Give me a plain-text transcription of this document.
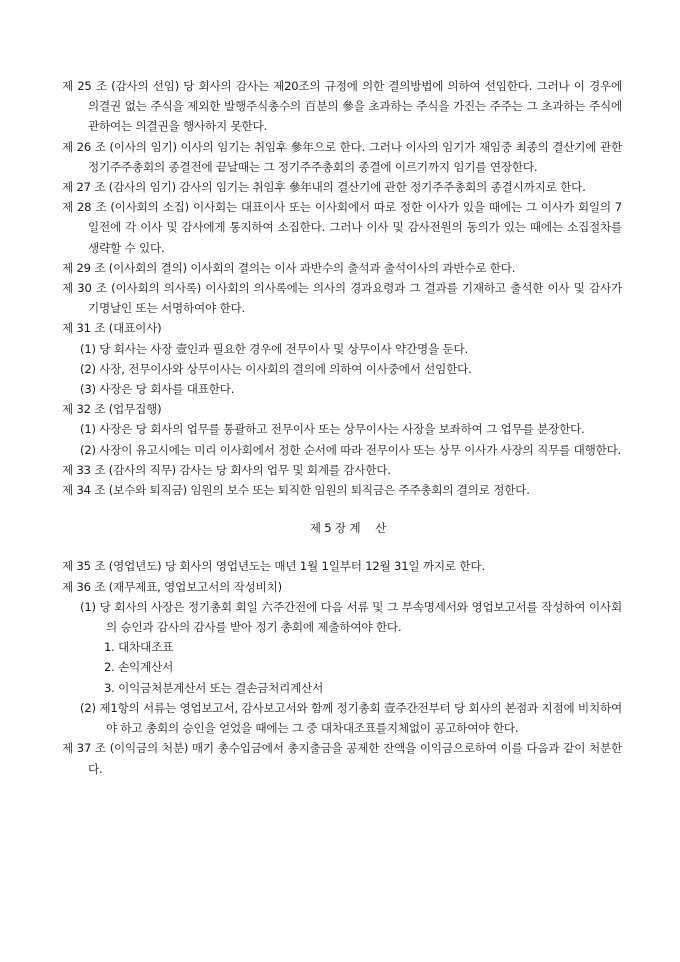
제 25 조 (감사의 선임) 당 회사의 감사는 제20조의 규정에 의한 결의방법에 의하여 선임한다. 그러나 이 경우에 의결권 없는 주식을 제외한 발행주식총수의 百분의 參을 초과하는 주식을 가진는 주주는 그 초과하는 주식에 관하여는 의결권을 행사하지 못한다.

제 26 조 (이사의 임기) 이사의 임기는 취임후 參年으로 한다. 그러나 이사의 임기가 재임중 최종의 결산기에 관한 정기주주총회의 종결전에 끝날때는 그 정기주주총회의 종결에 이르기까지 임기를 연장한다.

제 27 조 (감사의 임기) 감사의 임기는 취임후 參年내의 결산기에 관한 정기주주총회의 종결시까지로 한다.

제 28 조 (이사회의 소집) 이사회는 대표이사 또는 이사회에서 따로 정한 이사가 있을 때에는 그 이사가 회일의 7일전에 각 이사 및 감사에게 통지하여 소집한다. 그러나 이사 및 감사전원의 동의가 있는 때에는 소집절차를 생략할 수 있다.

제 29 조 (이사회의 결의) 이사회의 결의는 이사 과반수의 출석과 출석이사의 과반수로 한다.

제 30 조 (이사회의 의사록) 이사회의 의사록에는 의사의 경과요령과 그 결과를 기재하고 출석한 이사 및 감사가 기명날인 또는 서명하여야 한다.

제 31 조 (대표이사)

(1) 당 회사는 사장 壹인과 필요한 경우에 전무이사 및 상무이사 약간명을 둔다.

(2) 사장, 전무이사와 상무이사는 이사회의 결의에 의하여 이사중에서 선임한다.

(3) 사장은 당 회사를 대표한다.

제 32 조 (업무집행)

(1) 사장은 당 회사의 업무를 통괄하고 전무이사 또는 상무이사는 사장을 보좌하여 그 업무를 분장한다.

(2) 사장이 유고시에는 미리 이사회에서 정한 순서에 따라 전무이사 또는 상무 이사가 사장의 직무를 대행한다.

제 33 조 (감사의 직무) 감사는 당 회사의 업무 및 회계를 감사한다.

제 34 조 (보수와 퇴직금) 임원의 보수 또는 퇴직한 임원의 퇴직금은 주주총회의 결의로 정한다.

제 5 장 계　 산

제 35 조 (영업년도) 당 회사의 영업년도는 매년 1월 1일부터 12월 31일 까지로 한다.

제 36 조 (재무제표, 영업보고서의 작성비치)

(1) 당 회사의 사장은 정기총회 회일 六주간전에 다음 서류 및 그 부속명세서와 영업보고서를 작성하여 이사회의 승인과 감사의 감사를 받아 정기 총회에 제출하여야 한다.

1. 대차대조표

2. 손익계산서

3. 이익금처분계산서 또는 결손금처리계산서

(2) 제1항의 서류는 영업보고서, 감사보고서와 함께 정기총회 壹주간전부터 당 회사의 본점과 지점에 비치하여야 하고 총회의 승인을 얻었을 때에는 그 중 대차대조표를지체없이 공고하여야 한다.

제 37 조 (이익금의 처분) 매기 총수입금에서 총지출금을 공제한 잔액을 이익금으로하여 이를 다음과 같이 처분한다.
